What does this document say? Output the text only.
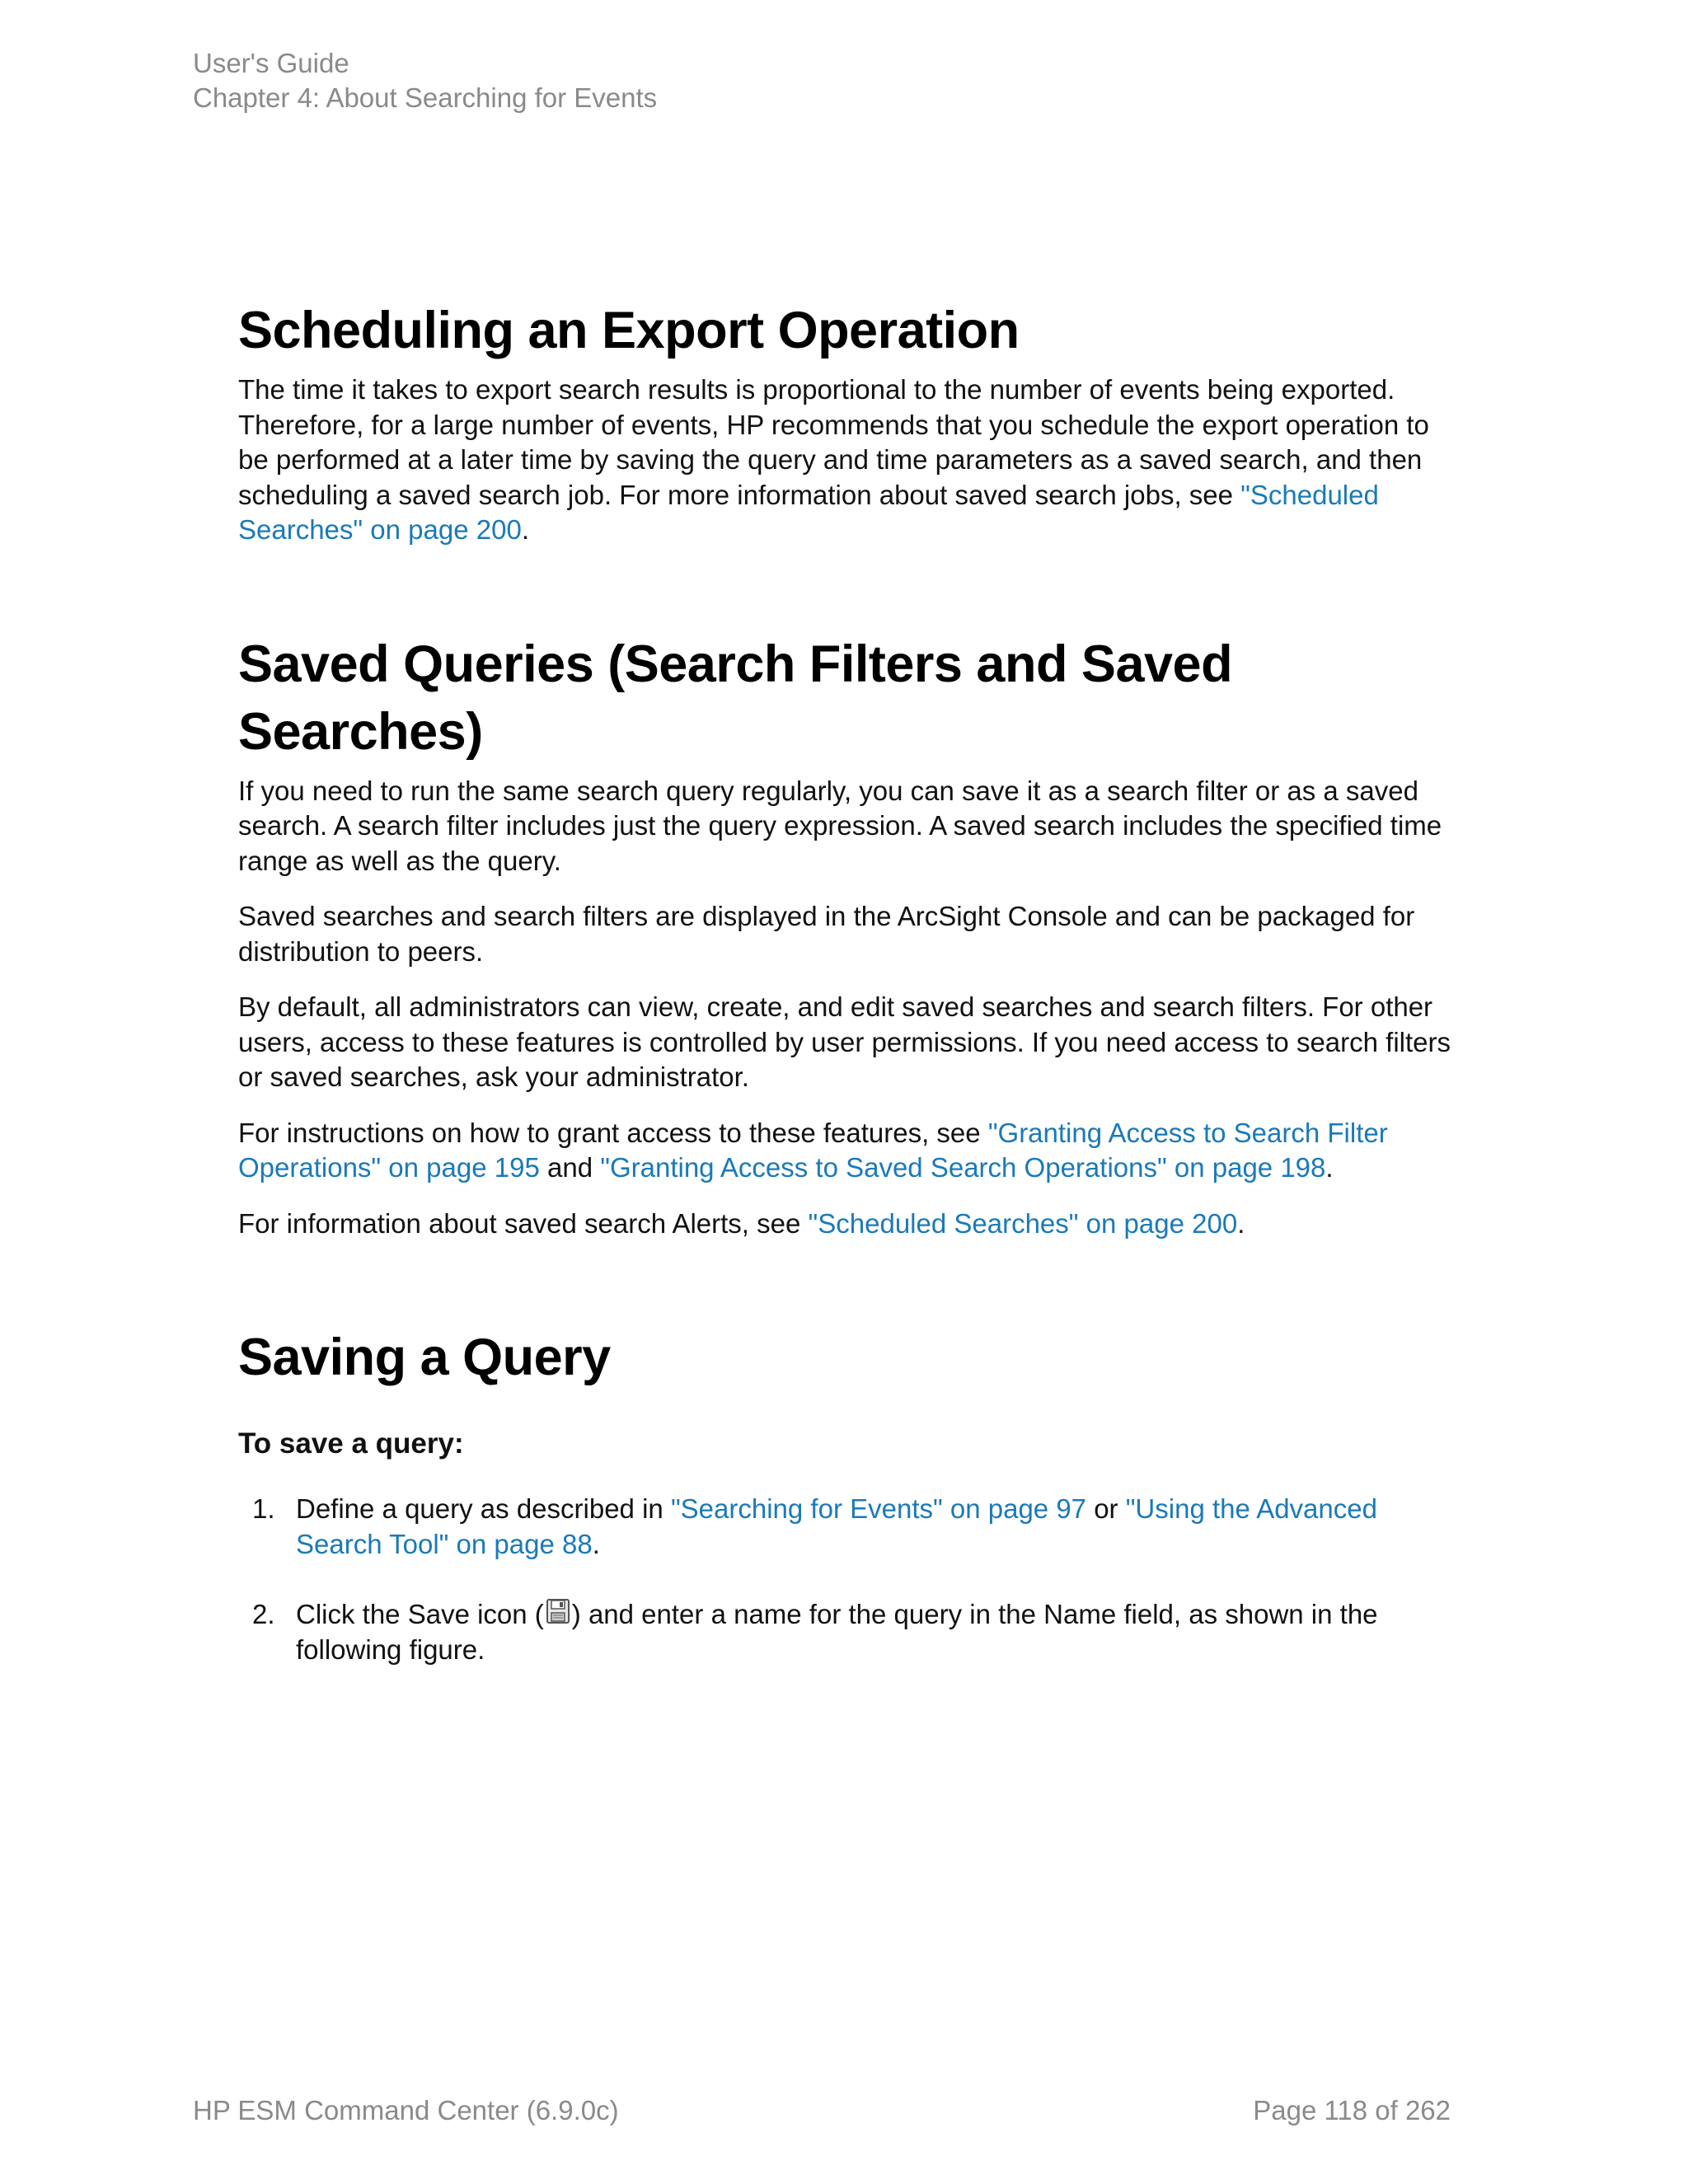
User's Guide
Chapter 4: About Searching for Events
Scheduling an Export Operation

The time it takes to export search results is proportional to the number of events being exported. Therefore, for a large number of events, HP recommends that you schedule the export operation to be performed at a later time by saving the query and time parameters as a saved search, and then scheduling a saved search job. For more information about saved search jobs, see "Scheduled Searches" on page 200.

Saved Queries (Search Filters and Saved Searches)

If you need to run the same search query regularly, you can save it as a search filter or as a saved search. A search filter includes just the query expression. A saved search includes the specified time range as well as the query.

Saved searches and search filters are displayed in the ArcSight Console and can be packaged for distribution to peers.

By default, all administrators can view, create, and edit saved searches and search filters. For other users, access to these features is controlled by user permissions. If you need access to search filters or saved searches, ask your administrator.

For instructions on how to grant access to these features, see "Granting Access to Search Filter Operations" on page 195 and "Granting Access to Saved Search Operations" on page 198.

For information about saved search Alerts, see "Scheduled Searches" on page 200.

Saving a Query
To save a query:
1. Define a query as described in "Searching for Events" on page 97 or "Using the Advanced Search Tool" on page 88.
2. Click the Save icon ( ) and enter a name for the query in the Name field, as shown in the following figure.
HP ESM Command Center (6.9.0c)	Page 118 of 262
